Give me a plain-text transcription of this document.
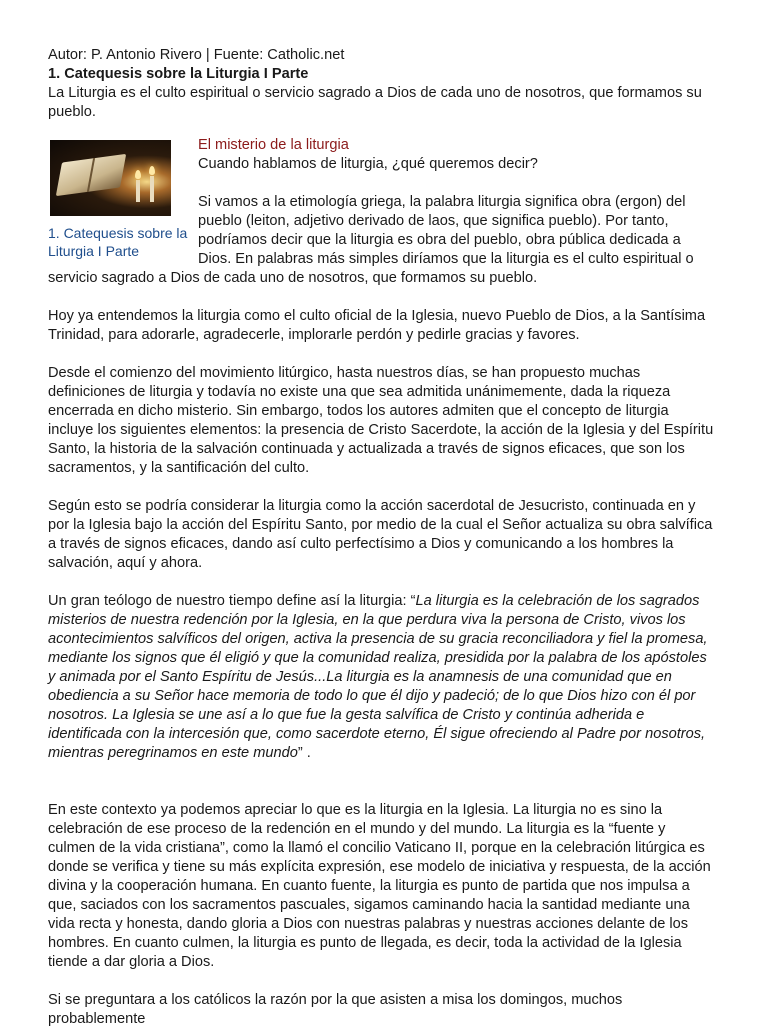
Autor: P. Antonio Rivero | Fuente: Catholic.net

1. Catequesis sobre la Liturgia I Parte

La Liturgia es el culto espiritual o servicio sagrado a Dios de cada uno de nosotros, que formamos su pueblo.

1. Catequesis sobre la Liturgia I Parte

El misterio de la liturgia

Cuando hablamos de liturgia, ¿qué queremos decir?

Si vamos a la etimología griega, la palabra liturgia significa obra (ergon) del pueblo (leiton, adjetivo derivado de laos, que significa pueblo). Por tanto, podríamos decir que la liturgia es obra del pueblo, obra pública dedicada a Dios. En palabras más simples diríamos que la liturgia es el culto espiritual o servicio sagrado a Dios de cada uno de nosotros, que formamos su pueblo.

Hoy ya entendemos la liturgia como el culto oficial de la Iglesia, nuevo Pueblo de Dios, a la Santísima Trinidad, para adorarle, agradecerle, implorarle perdón y pedirle gracias y favores.

Desde el comienzo del movimiento litúrgico, hasta nuestros días, se han propuesto muchas definiciones de liturgia y todavía no existe una que sea admitida unánimemente, dada la riqueza encerrada en dicho misterio. Sin embargo, todos los autores admiten que el concepto de liturgia incluye los siguientes elementos: la presencia de Cristo Sacerdote, la acción de la Iglesia y del Espíritu Santo, la historia de la salvación continuada y actualizada a través de signos eficaces, que son los sacramentos, y la santificación del culto.

Según esto se podría considerar la liturgia como la acción sacerdotal de Jesucristo, continuada en y por la Iglesia bajo la acción del Espíritu Santo, por medio de la cual el Señor actualiza su obra salvífica a través de signos eficaces, dando así culto perfectísimo a Dios y comunicando a los hombres la salvación, aquí y ahora.

Un gran teólogo de nuestro tiempo define así la liturgia: “La liturgia es la celebración de los sagrados misterios de nuestra redención por la Iglesia, en la que perdura viva la persona de Cristo, vivos los acontecimientos salvíficos del origen, activa la presencia de su gracia reconciliadora y fiel la promesa, mediante los signos que él eligió y que la comunidad realiza, presidida por la palabra de los apóstoles y animada por el Santo Espíritu de Jesús...La liturgia es la anamnesis de una comunidad que en obediencia a su Señor hace memoria de todo lo que él dijo y padeció; de lo que Dios hizo con él por nosotros. La Iglesia se une así a lo que fue la gesta salvífica de Cristo y continúa adherida e identificada con la intercesión que, como sacerdote eterno, Él sigue ofreciendo al Padre por nosotros, mientras peregrinamos en este mundo” .

En este contexto ya podemos apreciar lo que es la liturgia en la Iglesia. La liturgia no es sino la celebración de ese proceso de la redención en el mundo y del mundo. La liturgia es la “fuente y culmen de la vida cristiana”, como la llamó el concilio Vaticano II, porque en la celebración litúrgica es donde se verifica y tiene su más explícita expresión, ese modelo de iniciativa y respuesta, de la acción divina y la cooperación humana. En cuanto fuente, la liturgia es punto de partida que nos impulsa a que, saciados con los sacramentos pascuales, sigamos caminando hacia la santidad mediante una vida recta y honesta, dando gloria a Dios con nuestras palabras y nuestras acciones delante de los hombres. En cuanto culmen, la liturgia es punto de llegada, es decir, toda la actividad de la Iglesia tiende a dar gloria a Dios.

Si se preguntara a los católicos la razón por la que asisten a misa los domingos, muchos probablemente
